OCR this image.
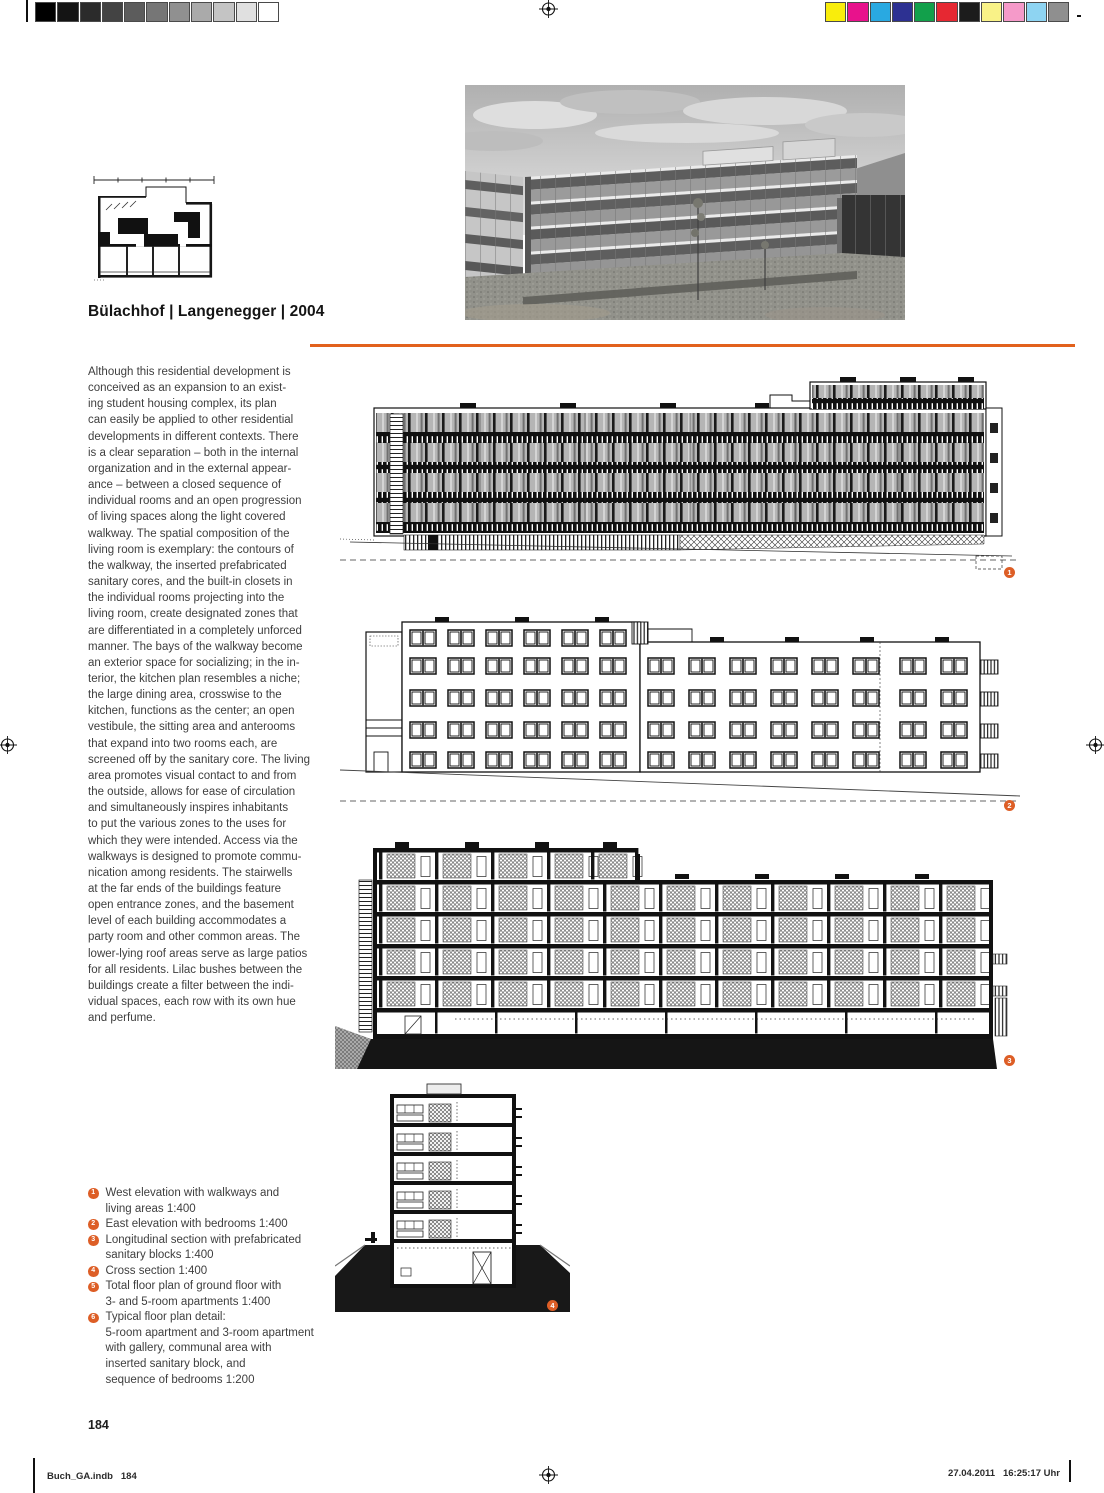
Bülachhof | Langenegger | 2004
Although this residential development is
conceived as an expansion to an exist-
ing student housing complex, its plan
can easily be applied to other residential
developments in different contexts. There
is a clear separation – both in the internal
organization and in the external appear-
ance – between a closed sequence of
individual rooms and an open progression
of living spaces along the light covered
walkway. The spatial composition of the
living room is exemplary: the contours of
the walkway, the inserted prefabricated
sanitary cores, and the built-in closets in
the individual rooms projecting into the
living room, create designated zones that
are differentiated in a completely unforced
manner. The bays of the walkway become
an exterior space for socializing; in the in-
terior, the kitchen plan resembles a niche;
the large dining area, crosswise to the
kitchen, functions as the center; an open
vestibule, the sitting area and anterooms
that expand into two rooms each, are
screened off by the sanitary core. The living
area promotes visual contact to and from
the outside, allows for ease of circulation
and simultaneously inspires inhabitants
to put the various zones to the uses for
which they were intended. Access via the
walkways is designed to promote commu-
nication among residents. The stairwells
at the far ends of the buildings feature
open entrance zones, and the basement
level of each building accommodates a
party room and other common areas. The
lower-lying roof areas serve as large patios
for all residents. Lilac bushes between the
buildings create a filter between the indi-
vidual spaces, each row with its own hue
and perfume.
1
2
3
4
1 West elevation with walkways and
living areas 1:400
2 East elevation with bedrooms 1:400
3 Longitudinal section with prefabricated
sanitary blocks 1:400
4 Cross section 1:400
5 Total floor plan of ground floor with
3- and 5-room apartments 1:400
6 Typical floor plan detail:
5-room apartment and 3-room apartment
with gallery, communal area with
inserted sanitary block, and
sequence of bedrooms 1:200
184
Buch_GA.indb   184	27.04.2011   16:25:17 Uhr
